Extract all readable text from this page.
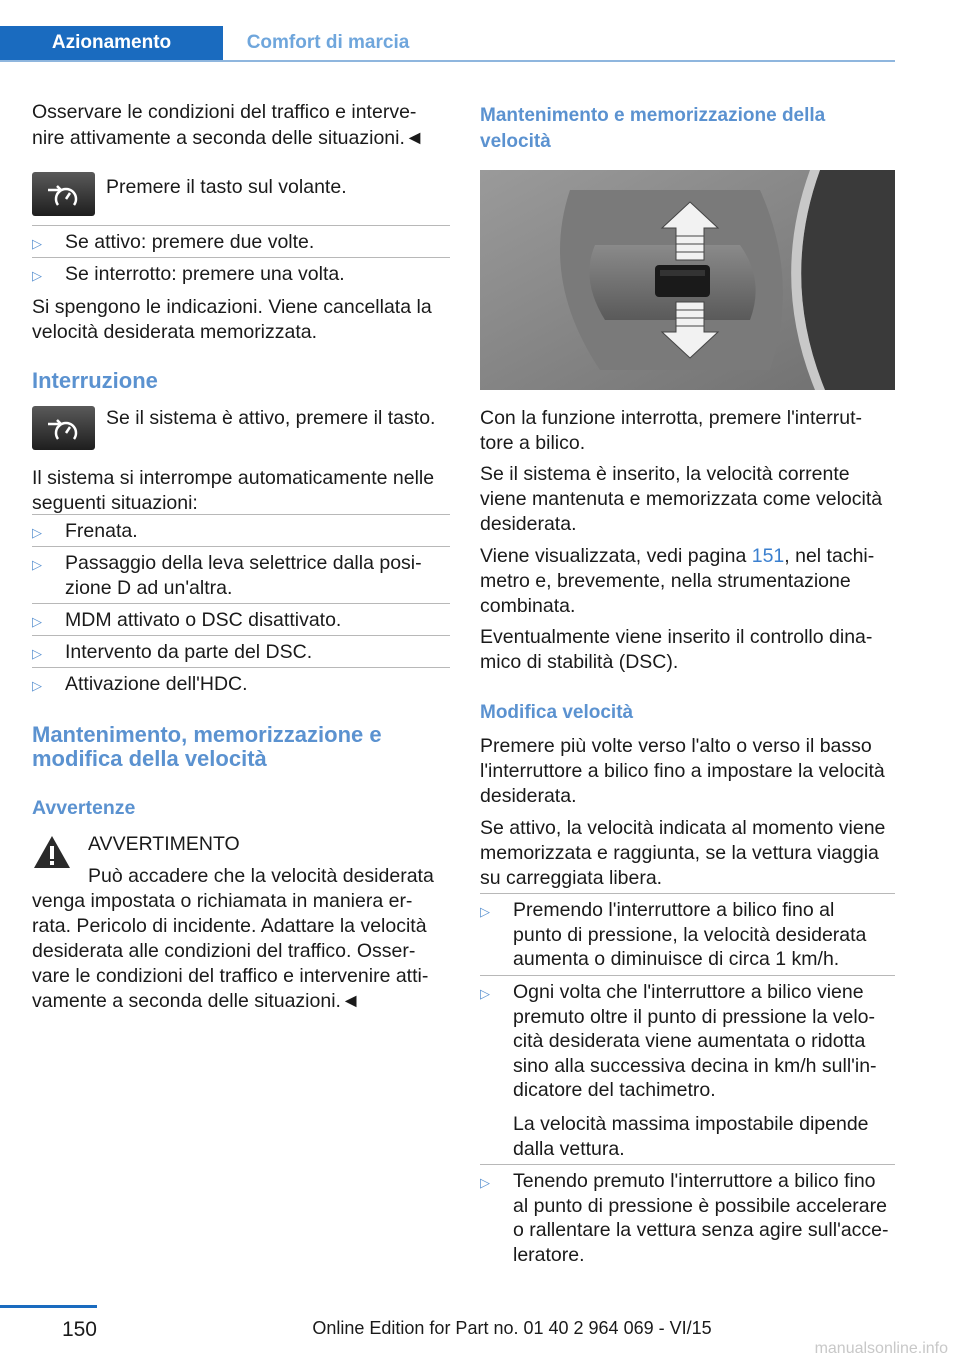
Azionamento	Comfort di marcia

Osservare le condizioni del traffico e interve‐

nire attivamente a seconda delle situazioni.◄

Premere il tasto sul volante.

▷	Se attivo: premere due volte.
▷	Se interrotto: premere una volta.

Si spengono le indicazioni. Viene cancellata la

velocità desiderata memorizzata.

Interruzione

Se il sistema è attivo, premere il tasto.

Il sistema si interrompe automaticamente nelle

seguenti situazioni:

▷	Frenata.
▷	Passaggio della leva selettrice dalla posi‐
zione D ad un'altra.
▷	MDM attivato o DSC disattivato.
▷	Intervento da parte del DSC.
▷	Attivazione dell'HDC.
Mantenimento, memorizzazione e
modifica della velocità
Avvertenze

AVVERTIMENTO

Può accadere che la velocità desiderata

venga impostata o richiamata in maniera er‐

rata. Pericolo di incidente. Adattare la velocità

desiderata alle condizioni del traffico. Osser‐

vare le condizioni del traffico e intervenire atti‐

vamente a seconda delle situazioni.◄

Mantenimento e memorizzazione della
velocità

Con la funzione interrotta, premere l'interrut‐

tore a bilico.

Se il sistema è inserito, la velocità corrente

viene mantenuta e memorizzata come velocità

desiderata.

Viene visualizzata, vedi pagina 151, nel tachi‐

metro e, brevemente, nella strumentazione

combinata.

Eventualmente viene inserito il controllo dina‐

mico di stabilità (DSC).

Modifica velocità

Premere più volte verso l'alto o verso il basso

l'interruttore a bilico fino a impostare la velocità

desiderata.

Se attivo, la velocità indicata al momento viene

memorizzata e raggiunta, se la vettura viaggia

su carreggiata libera.

▷	Premendo l'interruttore a bilico fino al
punto di pressione, la velocità desiderata
aumenta o diminuisce di circa 1 km/h.
▷	Ogni volta che l'interruttore a bilico viene
premuto oltre il punto di pressione la velo‐
cità desiderata viene aumentata o ridotta
sino alla successiva decina in km/h sull'in‐
dicatore del tachimetro.

La velocità massima impostabile dipende

dalla vettura.

▷	Tenendo premuto l'interruttore a bilico fino
al punto di pressione è possibile accelerare
o rallentare la vettura senza agire sull'acce‐
leratore.
150	Online Edition for Part no. 01 40 2 964 069 - VI/15
manualsonline.info
